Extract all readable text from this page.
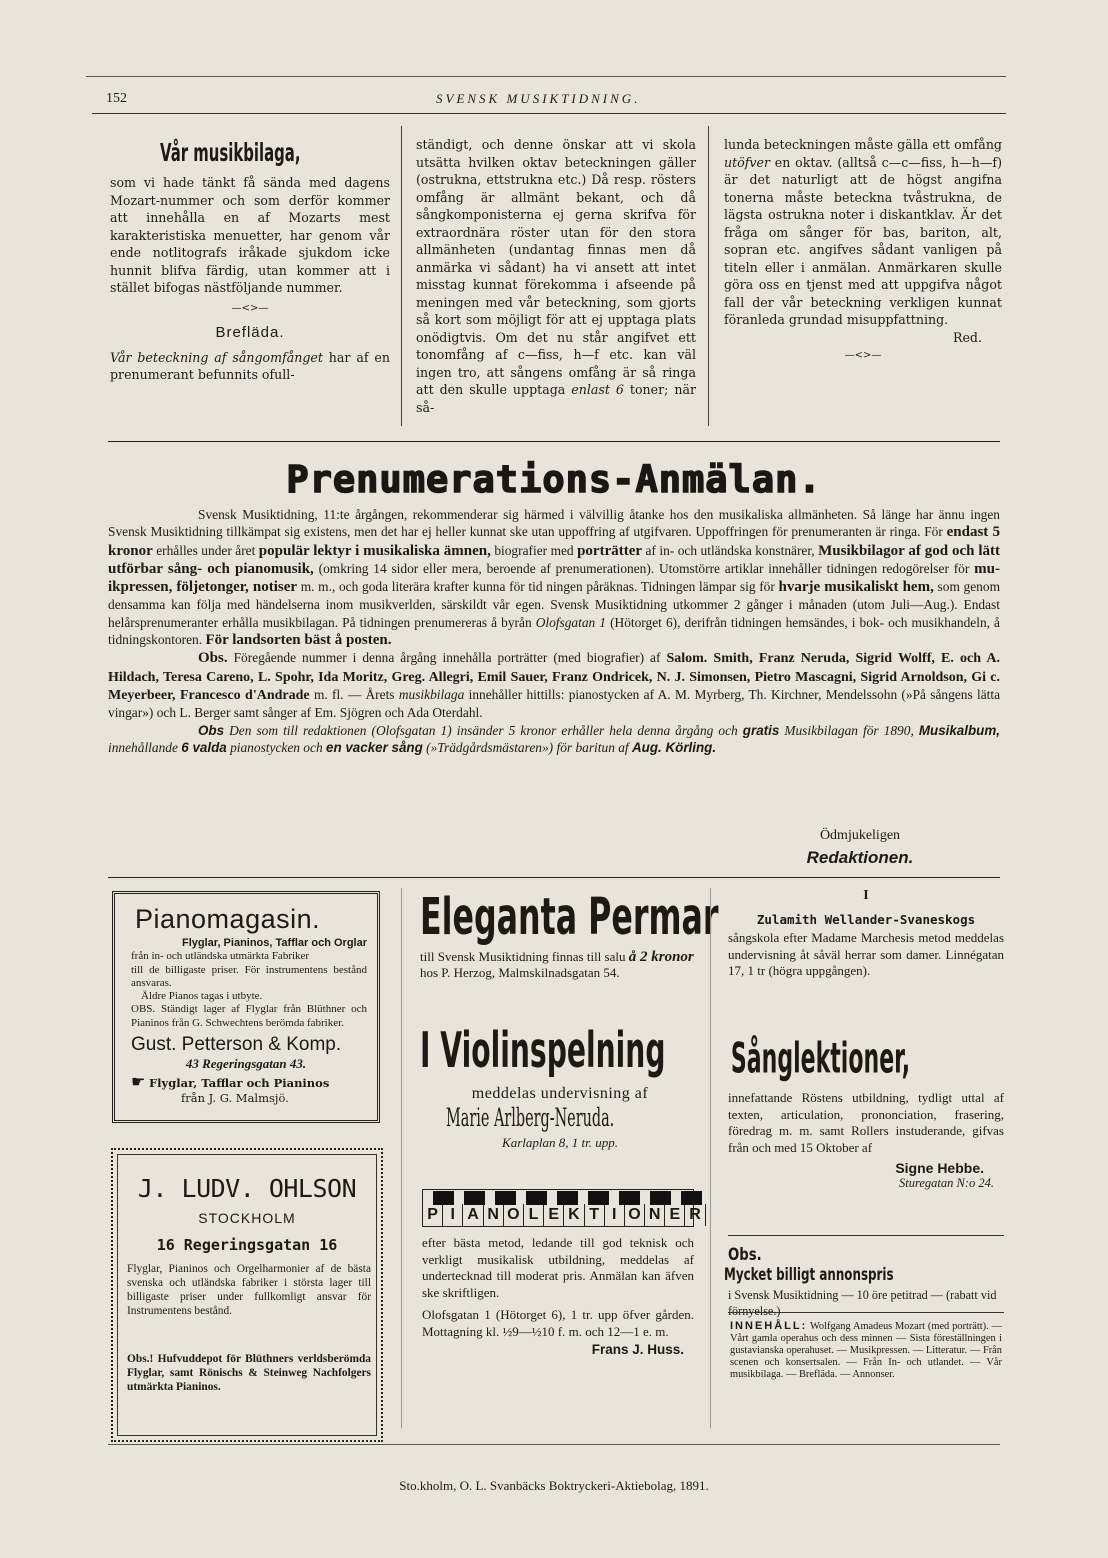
152	SVENSK MUSIKTIDNING.
Vår musikbilaga,

som vi hade tänkt få sända med dagens Mozart-nummer och som derför kommer att innehålla en af Mozarts mest karakteristiska menuetter, har genom vår ende notlitografs iråkade sjukdom icke hunnit blifva färdig, utan kommer att i stället bifogas nästföljande nummer.

—<>—
Brefläda.

Vår beteckning af sångomfånget har af en prenumerant befunnits ofull-

ständigt, och denne önskar att vi skola utsätta hvilken oktav beteckningen gäller (ostrukna, ettstrukna etc.) Då resp. rösters omfång är allmänt bekant, och då sångkomponisterna ej gerna skrifva för extraordnära röster utan för den stora allmänheten (undantag finnas men då anmärka vi sådant) ha vi ansett att intet misstag kunnat förekomma i afseende på meningen med vår beteckning, som gjorts så kort som möjligt för att ej upptaga plats onödigtvis. Om det nu står angifvet ett tonomfång af c—fiss, h—f etc. kan väl ingen tro, att sångens omfång är så ringa att den skulle upptaga enlast 6 toner; när så-

lunda beteckningen måste gälla ett omfång utöfver en oktav. (alltså c—c—fiss, h—h—f) är det naturligt att de högst angifna tonerna måste beteckna tvåstrukna, de lägsta ostrukna noter i diskantklav. Är det fråga om sånger för bas, bariton, alt, sopran etc. angifves sådant vanligen på titeln eller i anmälan. Anmärkaren skulle göra oss en tjenst med att uppgifva något fall der vår beteckning verkligen kunnat föranleda grundad misuppfattning.

Red.

—<>—
Prenumerations-Anmälan.
Svensk Musiktidning, 11:te årgången, rekommenderar sig härmed i välvillig åtanke hos den musikaliska allmänheten. Så länge har ännu ingen Svensk Musiktidning tillkämpat sig existens, men det har ej heller kunnat ske utan uppoffring af utgifvaren. Uppoffringen för prenumeranten är ringa. För endast 5 kronor erhålles under året populär lektyr i musikaliska ämnen, biografier med porträtter af in- och utländska konstnärer, Musikbilagor af god och lätt utförbar sång- och pianomusik, (omkring 14 sidor eller mera, beroende af prenumerationen). Utomstörre artiklar innehåller tidningen redogörelser för mu-ikpressen, följetonger, notiser m. m., och goda literära krafter kunna för tid ningen påräknas. Tidningen lämpar sig för hvarje musikaliskt hem, som genom densamma kan följa med händelserna inom musikverlden, särskildt vår egen. Svensk Musiktidning utkommer 2 gånger i månaden (utom Juli—Aug.). Endast helårsprenumeranter erhålla musikbilagan. På tidningen prenumereras å byrån Olofsgatan 1 (Hötorget 6), derifrån tidningen hemsändes, i bok- och musikhandeln, å tidningskontoren. För landsorten bäst å posten.
Obs. Föregående nummer i denna årgång innehålla porträtter (med biografier) af Salom. Smith, Franz Neruda, Sigrid Wolff, E. och A. Hildach, Teresa Careno, L. Spohr, Ida Moritz, Greg. Allegri, Emil Sauer, Franz Ondricek, N. J. Simonsen, Pietro Mascagni, Sigrid Arnoldson, Gi c. Meyerbeer, Francesco d'Andrade m. fl. — Årets musikbilaga innehåller hittills: pianostycken af A. M. Myrberg, Th. Kirchner, Mendelssohn (»På sångens lätta vingar») och L. Berger samt sånger af Em. Sjögren och Ada Oterdahl.

Obs Den som till redaktionen (Olofsgatan 1) insänder 5 kronor erhåller hela denna årgång och gratis Musikbilagan för 1890, Musikalbum, innehållande 6 valda pianostycken och en vacker sång (»Trädgårdsmästaren») för baritun af Aug. Körling.
Ödmjukeligen
Redaktionen.
Pianomagasin.

Flyglar, Pianinos, Tafflar och Orglar

från in- och utländska utmärkta Fabriker

till de billigaste priser. För instrumentens bestånd ansvaras.

Äldre Pianos tagas i utbyte.

OBS. Ständigt lager af Flyglar från Blüthner och Pianinos från G. Schwechtens berömda fabriker.

Gust. Petterson & Komp.
43 Regeringsgatan 43.
☛ Flyglar, Tafflar och Pianinos
från J. G. Malmsjö.
J. LUDV. OHLSON
STOCKHOLM
16 Regeringsgatan 16
Flyglar, Pianinos och Orgelharmonier af de bästa svenska och utländska fabriker i största lager till billigaste priser under fullkomligt ansvar för Instrumentens bestånd.
Obs.! Hufvuddepot för Blüthners verldsberömda Flyglar, samt Rönischs & Steinweg Nachfolgers utmärkta Pianinos.
Eleganta Permar
till Svensk Musiktidning finnas till salu å 2 kronor hos P. Herzog, Malmskilnadsgatan 54.
I Violinspelning
meddelas undervisning af
Marie Arlberg-Nerudа.
Karlaplan 8, 1 tr. upp.
P I A N O L E K T I O N E R
efter bästa metod, ledande till god teknisk och verkligt musikalisk utbildning, meddelas af undertecknad till moderat pris. Anmälan kan äfven ske skriftligen.
Olofsgatan 1 (Hötorget 6), 1 tr. upp öfver gården. Mottagning kl. ½9—½10 f. m. och 12—1 e. m.
Frans J. Huss.
I
Zulamith Wellander-Svaneskogs
sångskola efter Madame Marchesis metod meddelas undervisning åt såväl herrar som damer. Linnégatan 17, 1 tr (högra uppgången).
Sånglektioner,
innefattande Röstens utbildning, tydligt uttal af texten, articulation, prononciation, frasering, föredrag m. m. samt Rollers instuderande, gifvas från och med 15 Oktober af
Signe Hebbe.
Sturegatan N:o 24.
Obs.Mycket billigt annonspris
i Svensk Musiktidning — 10 öre petitrad — (rabatt vid förnyelse.)
INNEHÅLL: Wolfgang Amadeus Mozart (med porträtt). — Vårt gamla operahus och dess minnen — Sista föreställningen i gustavianska operahuset. — Musikpressen. — Litteratur. — Från scenen och konsertsalen. — Från In- och utlandet. — Vår musikbilaga. — Brefläda. — Annonser.
Sto.kholm, O. L. Svanbäcks Boktryckeri-Aktiebolag, 1891.
